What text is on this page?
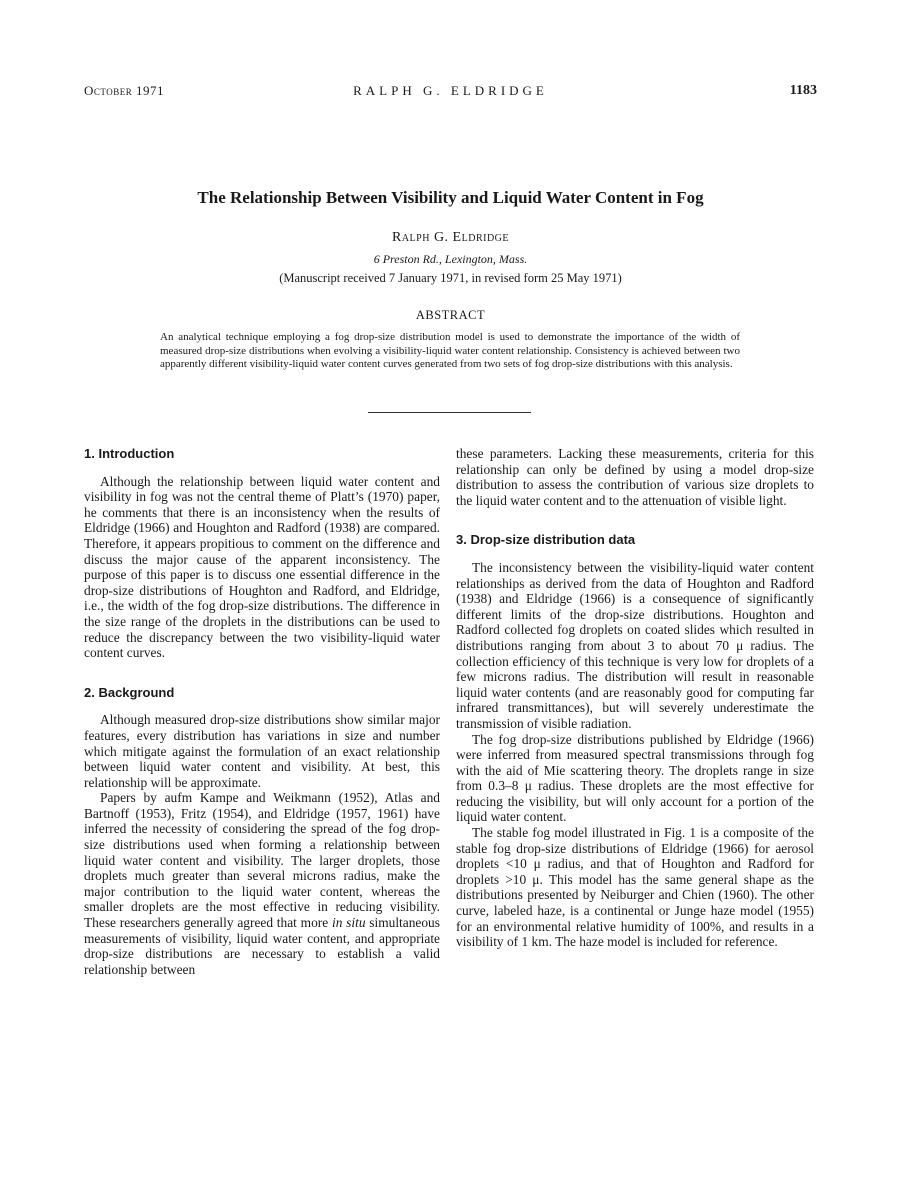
October 1971	RALPH G. ELDRIDGE	1183
The Relationship Between Visibility and Liquid Water Content in Fog
Ralph G. Eldridge
6 Preston Rd., Lexington, Mass.
(Manuscript received 7 January 1971, in revised form 25 May 1971)
ABSTRACT
An analytical technique employing a fog drop-size distribution model is used to demonstrate the importance of the width of measured drop-size distributions when evolving a visibility-liquid water content relationship. Consistency is achieved between two apparently different visibility-liquid water content curves generated from two sets of fog drop-size distributions with this analysis.
1. Introduction

Although the relationship between liquid water content and visibility in fog was not the central theme of Platt’s (1970) paper, he comments that there is an inconsistency when the results of Eldridge (1966) and Houghton and Radford (1938) are compared. Therefore, it appears propitious to comment on the difference and discuss the major cause of the apparent inconsistency. The purpose of this paper is to discuss one essential difference in the drop-size distributions of Houghton and Radford, and Eldridge, i.e., the width of the fog drop-size distributions. The difference in the size range of the droplets in the distributions can be used to reduce the discrepancy between the two visibility-liquid water content curves.

2. Background

Although measured drop-size distributions show similar major features, every distribution has variations in size and number which mitigate against the formulation of an exact relationship between liquid water content and visibility. At best, this relationship will be approximate.

Papers by aufm Kampe and Weikmann (1952), Atlas and Bartnoff (1953), Fritz (1954), and Eldridge (1957, 1961) have inferred the necessity of considering the spread of the fog drop-size distributions used when forming a relationship between liquid water content and visibility. The larger droplets, those droplets much greater than several microns radius, make the major contribution to the liquid water content, whereas the smaller droplets are the most effective in reducing visibility. These researchers generally agreed that more in situ simultaneous measurements of visibility, liquid water content, and appropriate drop-size distributions are necessary to establish a valid relationship between

these parameters. Lacking these measurements, criteria for this relationship can only be defined by using a model drop-size distribution to assess the contribution of various size droplets to the liquid water content and to the attenuation of visible light.

3. Drop-size distribution data

The inconsistency between the visibility-liquid water content relationships as derived from the data of Houghton and Radford (1938) and Eldridge (1966) is a consequence of significantly different limits of the drop-size distributions. Houghton and Radford collected fog droplets on coated slides which resulted in distributions ranging from about 3 to about 70 μ radius. The collection efficiency of this technique is very low for droplets of a few microns radius. The distribution will result in reasonable liquid water contents (and are reasonably good for computing far infrared transmittances), but will severely underestimate the transmission of visible radiation.

The fog drop-size distributions published by Eldridge (1966) were inferred from measured spectral transmissions through fog with the aid of Mie scattering theory. The droplets range in size from 0.3–8 μ radius. These droplets are the most effective for reducing the visibility, but will only account for a portion of the liquid water content.

The stable fog model illustrated in Fig. 1 is a composite of the stable fog drop-size distributions of Eldridge (1966) for aerosol droplets <10 μ radius, and that of Houghton and Radford for droplets >10 μ. This model has the same general shape as the distributions presented by Neiburger and Chien (1960). The other curve, labeled haze, is a continental or Junge haze model (1955) for an environmental relative humidity of 100%, and results in a visibility of 1 km. The haze model is included for reference.
